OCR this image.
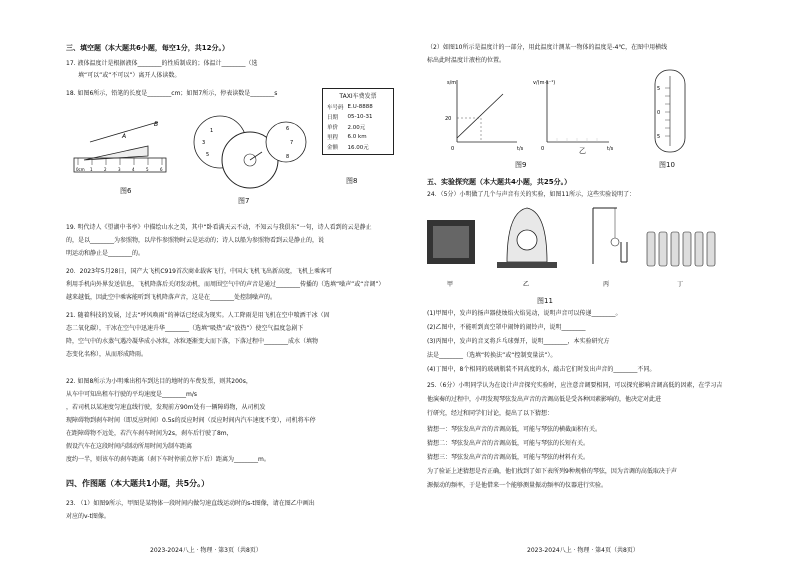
三、填空题（本大题共6小题，每空1分，共12分。）
17. 液体温度计是根据液体________的性质制成的；体温计________（选
填“可以”或“不可以”）离开人体读数。
18. 如图6所示，铅笔的长度是________cm；如图7所示，停表读数是________s
0cm 1	2	3	4	5	6
A
B
图6
1
3
5
6
7
8
图7
TAXI车费发票
车号码	E.U-8888
日期	05-10-31
单价	2.00元
里程	6.0 km
金额	16.00元
图8
19. 明代诗人《望湖中书亭》中描绘山水之美，其中“卧看满天云不动，不知云与我俱东”一句，诗人看到的云是静止
的，是以________为参照物，以岸作参照物时云是运动的；诗人以船为参照物看到云是静止的，说
明运动和静止是________的。
20．2023年5月28日，国产大飞机C919首次商业载客飞行，中国大飞机飞出新高度，飞机上乘客可
利用手机向外界发送信息，飞机降落后关闭发动机，而周围空气中的声音是通过________传播的（选填“噪声”或“音调”）
越来越低，因此空中乘客能听到飞机降落声音，这是在________处控制噪声的。
21. 随着科技的发展，过去“呼风唤雨”的神话已经成为现实。人工降雨是用飞机在空中喷洒干冰（固
态二氧化碳），干冰在空气中迅速升华________（选填“吸热”或“放热”）使空气温度急剧下
降，空气中的水蒸气遇冷凝华成小冰粒，冰粒逐渐变大而下落，下落过程中________成水（填物
态变化名称），从而形成降雨。
22. 如图8所示为小明乘出租车到达目的地时的车费发票，则其200s，
从车中可知出租车行驶的平均速度是________m/s
，若司机以某速度匀速直线行驶，发现前方90m处有一辆障碍物，从司机发
现障碍物到刹车时间（即反应时间）0.5s的反应时间（反应时间内汽车速度不变），司机将车停
在距障碍物不远处，若汽车刹车时间为2s，刹车后行驶了8m，
假设汽车在这段时间内制动所用时间为制车距离
度约一半，则该车的刹车距离（刹下车时停前点停下后）距离为________m。
四、作图题（本大题共1小题，共5分。）
23. （1）如图9所示，甲图是某物体一段时间内做匀速直线运动时的s-t图像，请在图乙中画出
对应的v-t图像。
2023-2024八上 · 物理 · 第3页（共8页）
（2）如图10所示是温度计的一部分，用此温度计测某一物体的温度是-4℃，在图中用横线
标出此时温度计液柱的位置。
s/m
t/s
20
0
v/(m·s⁻¹)
t/s
0
图9
乙
5
0
5
图10
五、实验探究题（本大题共4小题，共25分。）
24．（5分）小明做了几个与声音有关的实验，如图11所示，这些实验说明了：
甲	乙	丙	丁
图11
(1)甲图中，发声的扬声器使烛焰火焰晃动，说明声音可以传递________。
(2)乙图中，不能听到真空罩中闹钟的闹铃声，说明________
(3)丙图中，发声的音叉将乒乓球弹开，说明________，本实验研究方
法是________（选填“转换法”或“控制变量法”）。
(4)丁图中，8个相同的玻璃瓶装不同高度的水，敲击它们时发出声音的________不同。
25.（6分）小明同学认为在设计声音探究实验时，应注意音调要相同，可以探究影响音调高低的因素，在学习吉
他演奏的过程中，小明发现琴弦发出声音的音调高低是受各种因素影响的，他决定对此进
行研究，经过和同学们讨论，提出了以下猜想：
猜想一：琴弦发出声音的音调高低，可能与琴弦的横截面积有关。
猜想二：琴弦发出声音的音调高低，可能与琴弦的长短有关。
猜想三：琴弦发出声音的音调高低，可能与琴弦的材料有关。
为了验证上述猜想是否正确，他们找到了如下表所列9种规格的琴弦，因为音调的高低取决于声
源振动的频率，于是他借来一个能够测量振动频率的仪器进行实验。
2023-2024八上 · 物理 · 第4页（共8页）
